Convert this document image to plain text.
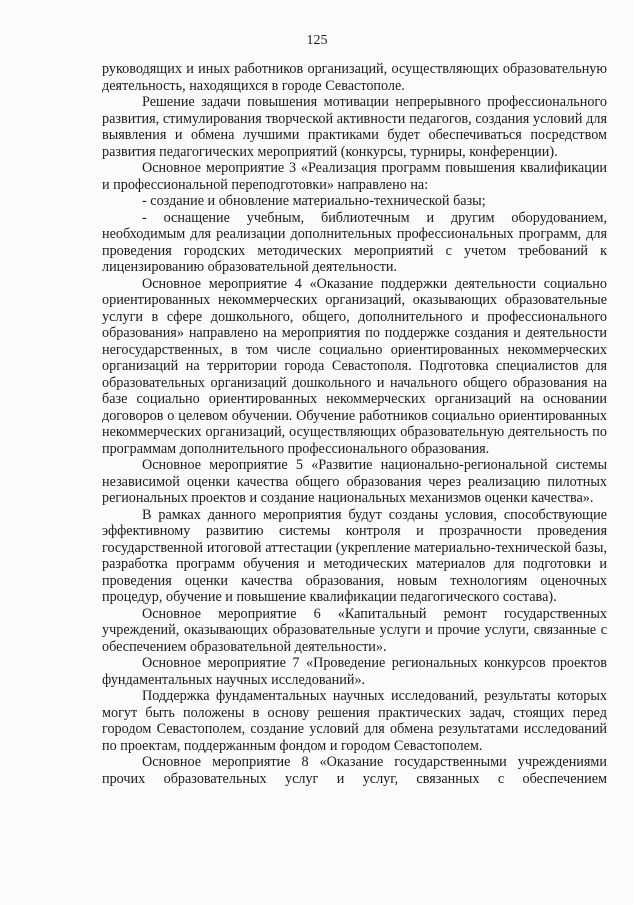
125

руководящих и иных работников организаций, осуществляющих образовательную деятельность, находящихся в городе Севастополе.

Решение задачи повышения мотивации непрерывного профессионального развития, стимулирования творческой активности педагогов, создания условий для выявления и обмена лучшими практиками будет обеспечиваться посредством развития педагогических мероприятий (конкурсы, турниры, конференции).

Основное мероприятие 3 «Реализация программ повышения квалификации и профессиональной переподготовки» направлено на:

- создание и обновление материально-технической базы;

- оснащение учебным, библиотечным и другим оборудованием, необходимым для реализации дополнительных профессиональных программ, для проведения городских методических мероприятий с учетом требований к лицензированию образовательной деятельности.

Основное мероприятие 4 «Оказание поддержки деятельности социально ориентированных некоммерческих организаций, оказывающих образовательные услуги в сфере дошкольного, общего, дополнительного и профессионального образования» направлено на мероприятия по поддержке создания и деятельности негосударственных, в том числе социально ориентированных некоммерческих организаций на территории города Севастополя. Подготовка специалистов для образовательных организаций дошкольного и начального общего образования на базе социально ориентированных некоммерческих организаций на основании договоров о целевом обучении. Обучение работников социально ориентированных некоммерческих организаций, осуществляющих образовательную деятельность по программам дополнительного профессионального образования.

Основное мероприятие 5 «Развитие национально-региональной системы независимой оценки качества общего образования через реализацию пилотных региональных проектов и создание национальных механизмов оценки качества».

В рамках данного мероприятия будут созданы условия, способствующие эффективному развитию системы контроля и прозрачности проведения государственной итоговой аттестации (укрепление материально-технической базы, разработка программ обучения и методических материалов для подготовки и проведения оценки качества образования, новым технологиям оценочных процедур, обучение и повышение квалификации педагогического состава).

Основное мероприятие 6 «Капитальный ремонт государственных учреждений, оказывающих образовательные услуги и прочие услуги, связанные с обеспечением образовательной деятельности».

Основное мероприятие 7 «Проведение региональных конкурсов проектов фундаментальных научных исследований».

Поддержка фундаментальных научных исследований, результаты которых могут быть положены в основу решения практических задач, стоящих перед городом Севастополем, создание условий для обмена результатами исследований по проектам, поддержанным фондом и городом Севастополем.

Основное мероприятие 8 «Оказание государственными учреждениями прочих образовательных услуг и услуг, связанных с обеспечением
